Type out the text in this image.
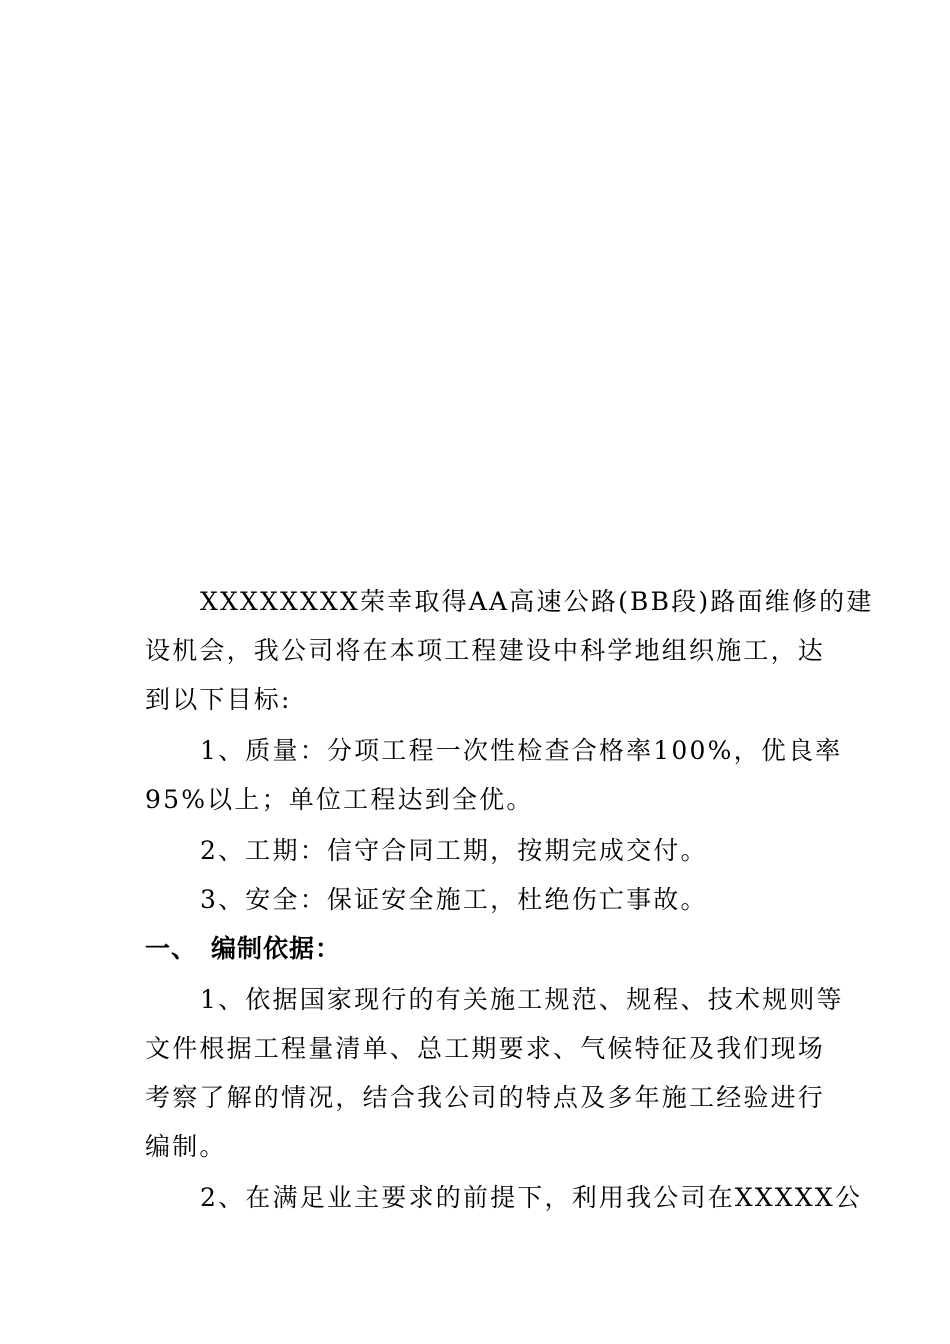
XXXXXXXX荣幸取得AA高速公路(BB段)路面维修的建
设机会，我公司将在本项工程建设中科学地组织施工，达
到以下目标:
1、质量：分项工程一次性检查合格率100%，优良率
95%以上；单位工程达到全优。
2、工期：信守合同工期，按期完成交付。
3、安全：保证安全施工，杜绝伤亡事故。
一、 编制依据：
1、依据国家现行的有关施工规范、规程、技术规则等
文件根据工程量清单、总工期要求、气候特征及我们现场
考察了解的情况，结合我公司的特点及多年施工经验进行
编制。
2、在满足业主要求的前提下，利用我公司在XXXXX公
